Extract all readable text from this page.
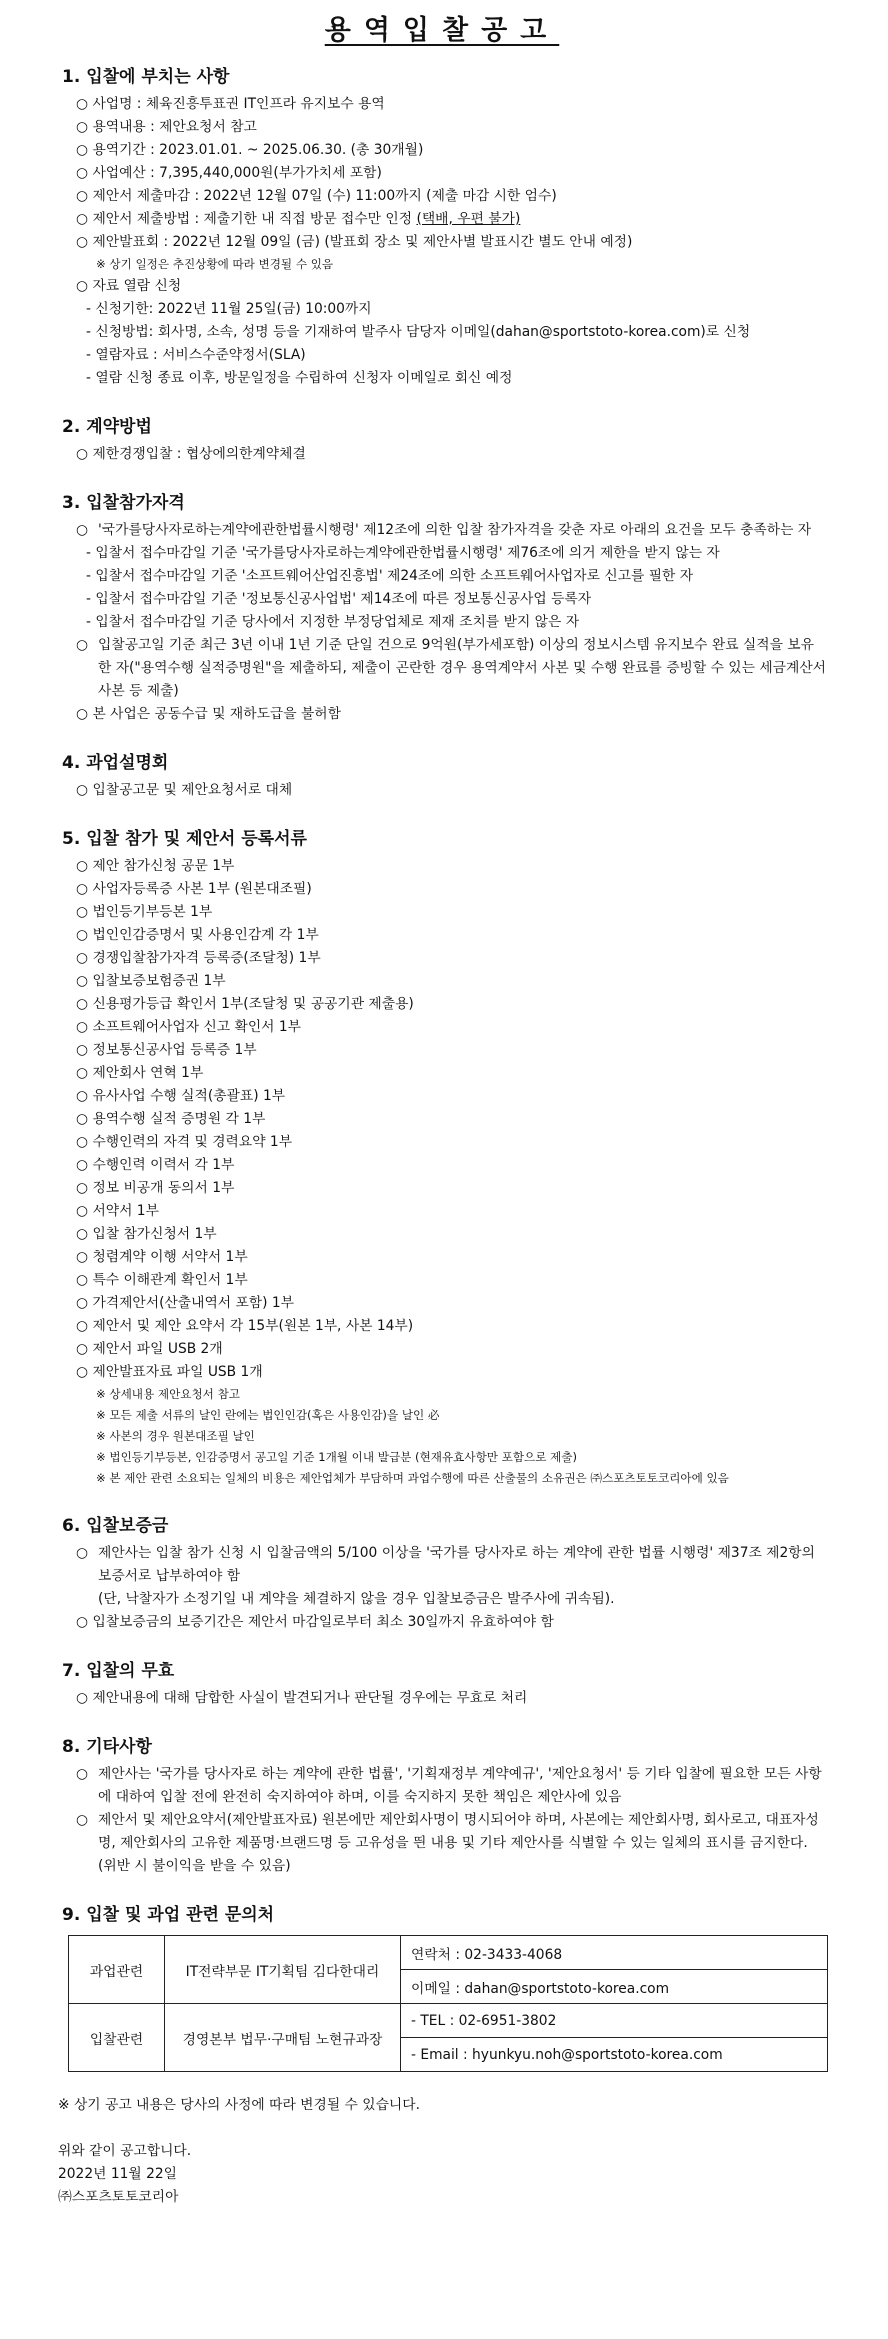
용역입찰공고
1. 입찰에 부치는 사항
○ 사업명 : 체육진흥투표권 IT인프라 유지보수 용역
○ 용역내용 : 제안요청서 참고
○ 용역기간 : 2023.01.01. ~ 2025.06.30. (총 30개월)
○ 사업예산 : 7,395,440,000원(부가가치세 포함)
○ 제안서 제출마감 : 2022년 12월 07일 (수) 11:00까지 (제출 마감 시한 엄수)
○ 제안서 제출방법 : 제출기한 내 직접 방문 접수만 인정 (택배, 우편 불가)
○ 제안발표회 : 2022년 12월 09일 (금) (발표회 장소 및 제안사별 발표시간 별도 안내 예정)
※ 상기 일정은 추진상황에 따라 변경될 수 있음
○ 자료 열람 신청
- 신청기한: 2022년 11월 25일(금) 10:00까지
- 신청방법: 회사명, 소속, 성명 등을 기재하여 발주사 담당자 이메일(dahan@sportstoto-korea.com)로 신청
- 열람자료 : 서비스수준약정서(SLA)
- 열람 신청 종료 이후, 방문일정을 수립하여 신청자 이메일로 회신 예정
2. 계약방법
○ 제한경쟁입찰 : 협상에의한계약체결
3. 입찰참가자격
○ '국가를당사자로하는계약에관한법률시행령' 제12조에 의한 입찰 참가자격을 갖춘 자로 아래의 요건을 모두 충족하는 자
- 입찰서 접수마감일 기준 '국가를당사자로하는계약에관한법률시행령' 제76조에 의거 제한을 받지 않는 자
- 입찰서 접수마감일 기준 '소프트웨어산업진흥법' 제24조에 의한 소프트웨어사업자로 신고를 필한 자
- 입찰서 접수마감일 기준 '정보통신공사업법' 제14조에 따른 정보통신공사업 등록자
- 입찰서 접수마감일 기준 당사에서 지정한 부정당업체로 제재 조치를 받지 않은 자
○ 입찰공고일 기준 최근 3년 이내 1년 기준 단일 건으로 9억원(부가세포함) 이상의 정보시스템 유지보수 완료 실적을 보유한 자("용역수행 실적증명원"을 제출하되, 제출이 곤란한 경우 용역계약서 사본 및 수행 완료를 증빙할 수 있는 세금계산서 사본 등 제출)
○ 본 사업은 공동수급 및 재하도급을 불허함
4. 과업설명회
○ 입찰공고문 및 제안요청서로 대체
5. 입찰 참가 및 제안서 등록서류
○ 제안 참가신청 공문 1부
○ 사업자등록증 사본 1부 (원본대조필)
○ 법인등기부등본 1부
○ 법인인감증명서 및 사용인감계 각 1부
○ 경쟁입찰참가자격 등록증(조달청) 1부
○ 입찰보증보험증권 1부
○ 신용평가등급 확인서 1부(조달청 및 공공기관 제출용)
○ 소프트웨어사업자 신고 확인서 1부
○ 정보통신공사업 등록증 1부
○ 제안회사 연혁 1부
○ 유사사업 수행 실적(총괄표) 1부
○ 용역수행 실적 증명원 각 1부
○ 수행인력의 자격 및 경력요약 1부
○ 수행인력 이력서 각 1부
○ 정보 비공개 동의서 1부
○ 서약서 1부
○ 입찰 참가신청서 1부
○ 청렴계약 이행 서약서 1부
○ 특수 이해관계 확인서 1부
○ 가격제안서(산출내역서 포함) 1부
○ 제안서 및 제안 요약서 각 15부(원본 1부, 사본 14부)
○ 제안서 파일 USB 2개
○ 제안발표자료 파일 USB 1개
※ 상세내용 제안요청서 참고
※ 모든 제출 서류의 날인 란에는 법인인감(혹은 사용인감)을 날인 必
※ 사본의 경우 원본대조필 날인
※ 법인등기부등본, 인감증명서 공고일 기준 1개월 이내 발급분 (현재유효사항만 포함으로 제출)
※ 본 제안 관련 소요되는 일체의 비용은 제안업체가 부담하며 과업수행에 따른 산출물의 소유권은 ㈜스포츠토토코리아에 있음
6. 입찰보증금
○ 제안사는 입찰 참가 신청 시 입찰금액의 5/100 이상을 '국가를 당사자로 하는 계약에 관한 법률 시행령' 제37조 제2항의 보증서로 납부하여야 함
(단, 낙찰자가 소정기일 내 계약을 체결하지 않을 경우 입찰보증금은 발주사에 귀속됨).
○ 입찰보증금의 보증기간은 제안서 마감일로부터 최소 30일까지 유효하여야 함
7. 입찰의 무효
○ 제안내용에 대해 담합한 사실이 발견되거나 판단될 경우에는 무효로 처리
8. 기타사항
○ 제안사는 '국가를 당사자로 하는 계약에 관한 법률', '기획재정부 계약예규', '제안요청서' 등 기타 입찰에 필요한 모든 사항에 대하여 입찰 전에 완전히 숙지하여야 하며, 이를 숙지하지 못한 책임은 제안사에 있음
○ 제안서 및 제안요약서(제안발표자료) 원본에만 제안회사명이 명시되어야 하며, 사본에는 제안회사명, 회사로고, 대표자성명, 제안회사의 고유한 제품명·브랜드명 등 고유성을 띈 내용 및 기타 제안사를 식별할 수 있는 일체의 표시를 금지한다. (위반 시 불이익을 받을 수 있음)
9. 입찰 및 과업 관련 문의처
과업관련	IT전략부문 IT기획팀 김다한대리	연락처 : 02-3433-4068
		이메일 : dahan@sportstoto-korea.com
입찰관련	경영본부 법무·구매팀 노현규과장	- TEL : 02-6951-3802
		- Email : hyunkyu.noh@sportstoto-korea.com
※ 상기 공고 내용은 당사의 사정에 따라 변경될 수 있습니다.
위와 같이 공고합니다.
2022년 11월 22일
㈜스포츠토토코리아
